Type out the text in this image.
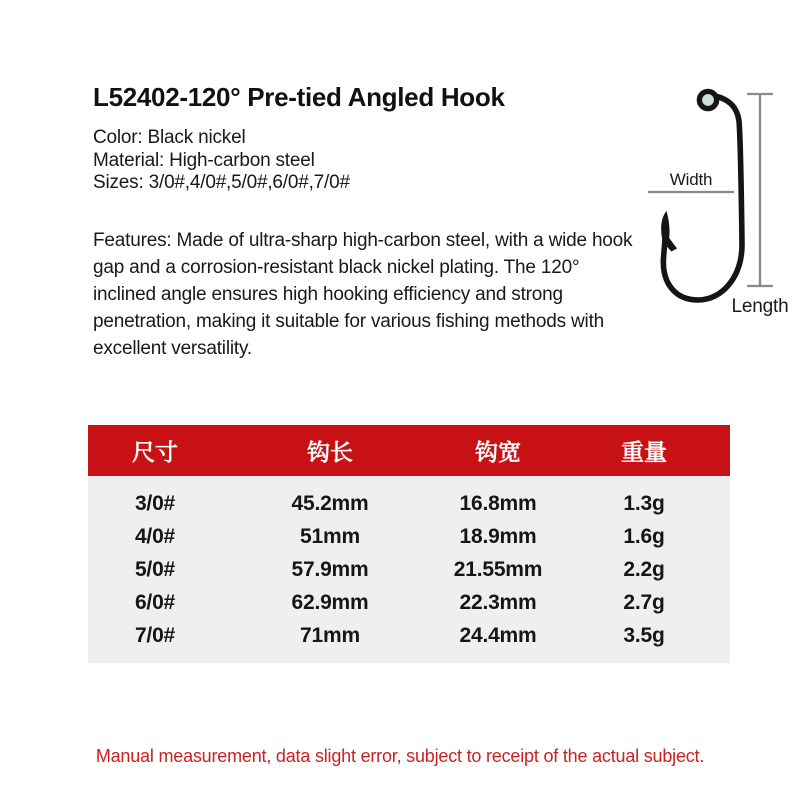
L52402-120° Pre-tied Angled Hook
Color: Black nickel
Material: High-carbon steel
Sizes: 3/0#,4/0#,5/0#,6/0#,7/0#
Features: Made of ultra-sharp high-carbon steel, with a wide hook gap and a corrosion-resistant black nickel plating. The 120° inclined angle ensures high hooking efficiency and strong penetration, making it suitable for various fishing methods with excellent versatility.
Width
Length
尺寸	钩长	钩宽	重量
3/0#	45.2mm	16.8mm	1.3g
4/0#	51mm	18.9mm	1.6g
5/0#	57.9mm	21.55mm	2.2g
6/0#	62.9mm	22.3mm	2.7g
7/0#	71mm	24.4mm	3.5g
Manual measurement, data slight error, subject to receipt of the actual subject.
